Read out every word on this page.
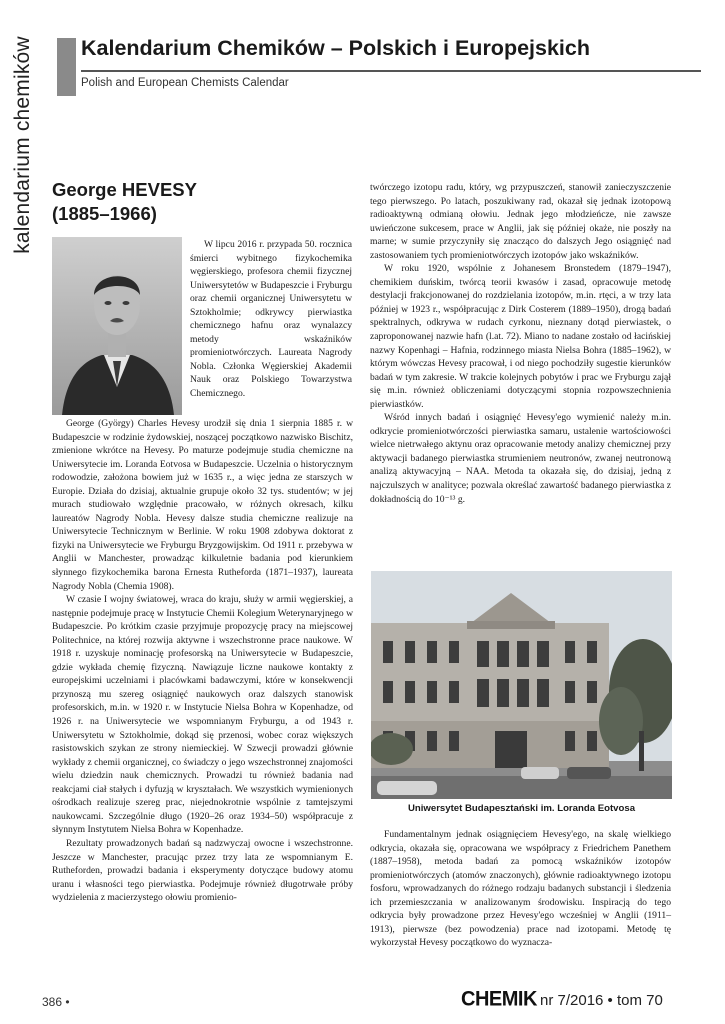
kalendarium chemików Kalendarium Chemików – Polskich i Europejskich
Polish and European Chemists Calendar
George HEVESY
(1885–1966)

W lipcu 2016 r. przypada 50. rocznica śmierci wybitnego fizykochemika węgierskiego, profesora chemii fizycznej Uniwersytetów w Budapeszcie i Fryburgu oraz chemii organicznej Uniwersytetu w Sztokholmie; odkrywcy pierwiastka chemicznego hafnu oraz wynalazcy metody wskaźników promieniotwórczych. Laureata Nagrody Nobla. Członka Węgierskiej Akademii Nauk oraz Polskiego Towarzystwa Chemicznego.

George (György) Charles Hevesy urodził się dnia 1 sierpnia 1885 r. w Budapeszcie w rodzinie żydowskiej, noszącej początkowo nazwisko Bischitz, zmienione wkrótce na Hevesy. Po maturze podejmuje studia chemiczne na Uniwersytecie im. Loranda Eotvosa w Budapeszcie. Uczelnia o historycznym rodowodzie, założona bowiem już w 1635 r., a więc jedna ze starszych w Europie. Działa do dzisiaj, aktualnie grupuje około 32 tys. studentów; w jej murach studiowało względnie pracowało, w różnych okresach, kilku laureatów Nagrody Nobla. Hevesy dalsze studia chemiczne realizuje na Uniwersytecie Technicznym w Berlinie. W roku 1908 zdobywa doktorat z fizyki na Uniwersytecie we Fryburgu Bryzgowijskim. Od 1911 r. przebywa w Anglii w Manchester, prowadząc kilkuletnie badania pod kierunkiem słynnego fizykochemika barona Ernesta Rutheforda (1871–1937), laureata Nagrody Nobla (Chemia 1908).

W czasie I wojny światowej, wraca do kraju, służy w armii węgierskiej, a następnie podejmuje pracę w Instytucie Chemii Kolegium Weterynaryjnego w Budapeszcie. Po krótkim czasie przyjmuje propozycję pracy na miejscowej Politechnice, na której rozwija aktywne i wszechstronne prace naukowe. W 1918 r. uzyskuje nominację profesorską na Uniwersytecie w Budapeszcie, gdzie wykłada chemię fizyczną. Nawiązuje liczne naukowe kontakty z europejskimi uczelniami i placówkami badawczymi, które w konsekwencji przynoszą mu szereg osiągnięć naukowych oraz dalszych stanowisk profesorskich, m.in. w 1920 r. w Instytucie Nielsa Bohra w Kopenhadze, od 1926 r. na Uniwersytecie we wspomnianym Fryburgu, a od 1943 r. Uniwersytetu w Sztokholmie, dokąd się przenosi, wobec coraz większych rasistowskich szykan ze strony niemieckiej. W Szwecji prowadzi głównie wykłady z chemii organicznej, co świadczy o jego wszechstronnej znajomości wielu dziedzin nauk chemicznych. Prowadzi tu również badania nad reakcjami ciał stałych i dyfuzją w kryształach. We wszystkich wymienionych ośrodkach realizuje szereg prac, niejednokrotnie wspólnie z tamtejszymi naukowcami. Szczególnie długo (1920–26 oraz 1934–50) współpracuje z słynnym Instytutem Nielsa Bohra w Kopenhadze.

Rezultaty prowadzonych badań są nadzwyczaj owocne i wszechstronne. Jeszcze w Manchester, pracując przez trzy lata ze wspomnianym E. Rutheforden, prowadzi badania i eksperymenty dotyczące budowy atomu uranu i własności tego pierwiastka. Podejmuje również długotrwałe próby wydzielenia z macierzystego ołowiu promienio-

twórczego izotopu radu, który, wg przypuszczeń, stanowił zanieczyszczenie tego pierwszego. Po latach, poszukiwany rad, okazał się jednak izotopową radioaktywną odmianą ołowiu. Jednak jego młodzieńcze, nie zawsze uwieńczone sukcesem, prace w Anglii, jak się później okaże, nie poszły na marne; w sumie przyczyniły się znacząco do dalszych Jego osiągnięć nad zastosowaniem tych promieniotwórczych izotopów jako wskaźników.

W roku 1920, wspólnie z Johanesem Bronstedem (1879–1947), chemikiem duńskim, twórcą teorii kwasów i zasad, opracowuje metodę destylacji frakcjonowanej do rozdzielania izotopów, m.in. rtęci, a w trzy lata później w 1923 r., współpracując z Dirk Costerem (1889–1950), drogą badań spektralnych, odkrywa w rudach cyrkonu, nieznany dotąd pierwiastek, o zaproponowanej nazwie hafn (l.at. 72). Miano to nadane zostało od łacińskiej nazwy Kopenhagi – Hafnia, rodzinnego miasta Nielsa Bohra (1885–1962), w którym wówczas Hevesy pracował, i od niego pochodziły sugestie kierunków badań w tym zakresie. W trakcie kolejnych pobytów i prac we Fryburgu zajął się m.in. również obliczeniami dotyczącymi stopnia rozpowszechnienia pierwiastków.

Wśród innych badań i osiągnięć Hevesy'ego wymienić należy m.in. odkrycie promieniotwórczości pierwiastka samaru, ustalenie wartościowości wielce nietrwałego aktynu oraz opracowanie metody analizy chemicznej przy aktywacji badanego pierwiastka strumieniem neutronów, zwanej neutronową analizą aktywacyjną – NAA. Metoda ta okazała się, do dzisiaj, jedną z najczulszych w analityce; pozwala określać zawartość badanego pierwiastka z dokładnością do 10⁻¹³ g.

Uniwersytet Budapesztański im. Loranda Eotvosa

Fundamentalnym jednak osiągnięciem Hevesy'ego, na skalę wielkiego odkrycia, okazała się, opracowana we współpracy z Friedrichem Panethem (1887–1958), metoda badań za pomocą wskaźników izotopów promieniotwórczych (atomów znaczonych), głównie radioaktywnego izotopu fosforu, wprowadzanych do różnego rodzaju badanych substancji i śledzenia ich przemieszczania w analizowanym środowisku. Inspiracją do tego odkrycia były prowadzone przez Hevesy'ego wcześniej w Anglii (1911–1913), pierwsze (bez powodzenia) prace nad izotopami. Metodę tę wykorzystał Hevesy początkowo do wyznacza-

386 •	CHEMIK nr 7/2016 • tom 70
